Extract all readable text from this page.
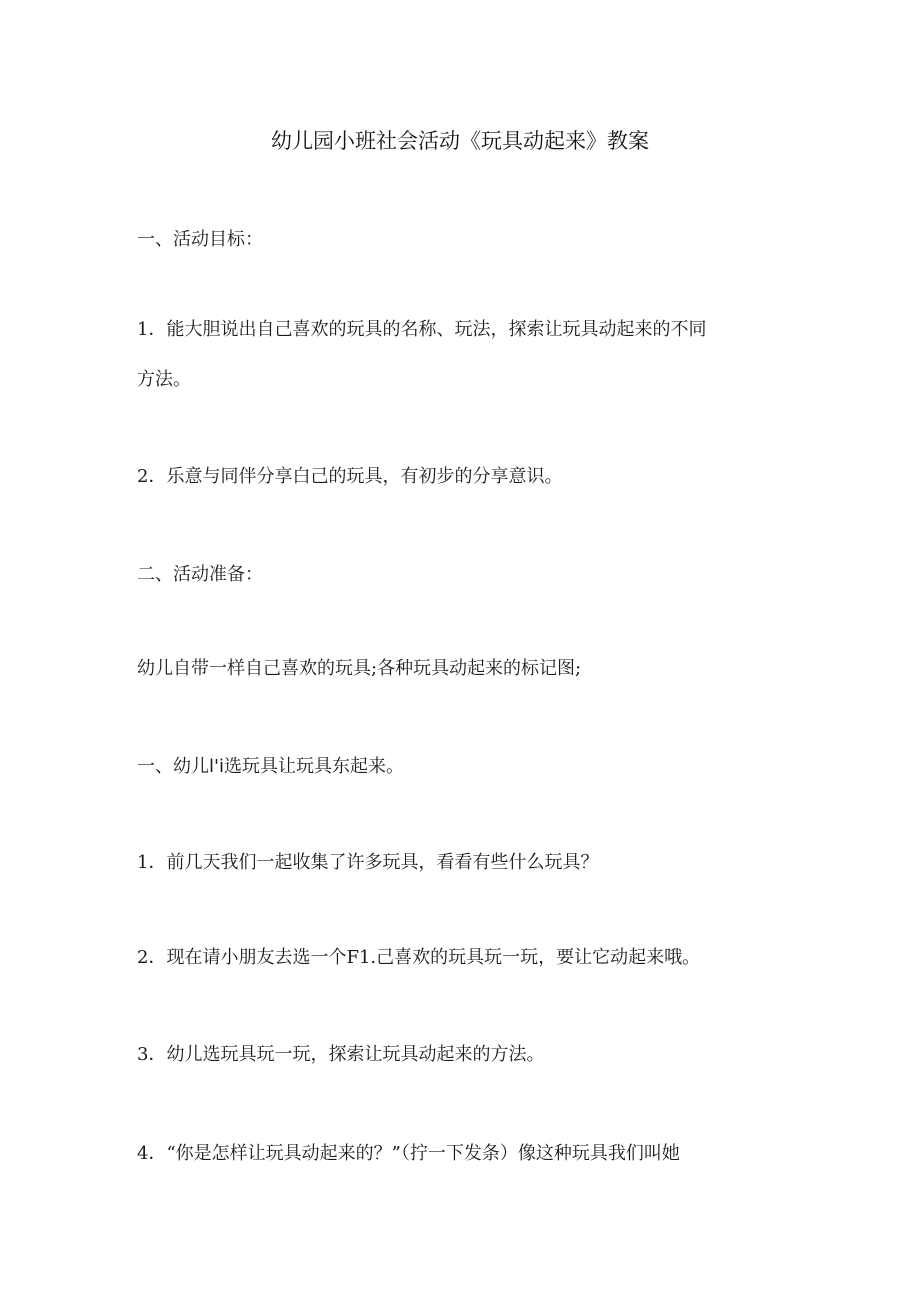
幼儿园小班社会活动《玩具动起来》教案
一、活动目标：
1．能大胆说出自己喜欢的玩具的名称、玩法，探索让玩具动起来的不同
方法。
2．乐意与同伴分享白己的玩具，有初步的分享意识。
二、活动准备：
幼儿自带一样自己喜欢的玩具;各种玩具动起来的标记图;
一、幼儿l'i选玩具让玩具东起来。
1．前几天我们一起收集了许多玩具，看看有些什么玩具？
2．现在请小朋友去选一个F1.己喜欢的玩具玩一玩，要让它动起来哦。
3．幼儿选玩具玩一玩，探索让玩具动起来的方法。
4．“你是怎样让玩具动起来的？”（拧一下发条）像这种玩具我们叫她
